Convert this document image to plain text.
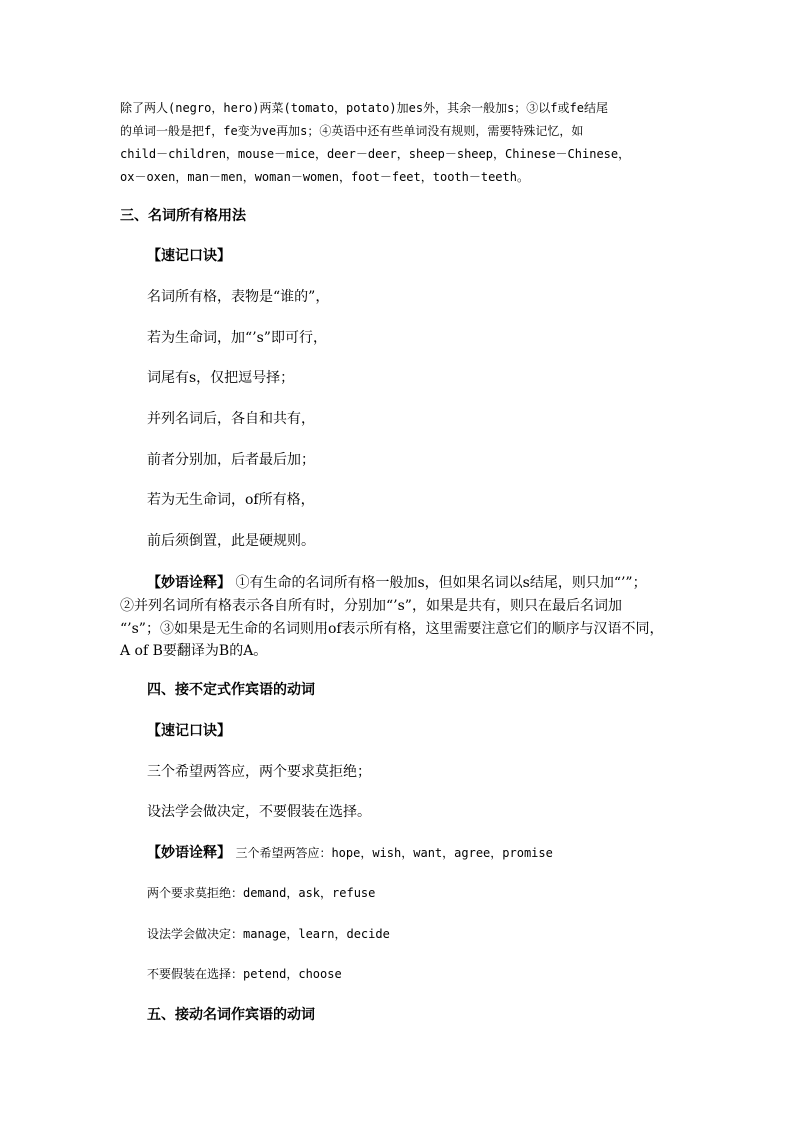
除了两人(negro，hero)两菜(tomato，potato)加es外，其余一般加s；③以f或fe结尾

的单词一般是把f，fe变为ve再加s；④英语中还有些单词没有规则，需要特殊记忆，如

child－children，mouse－mice，deer－deer，sheep－sheep，Chinese－Chinese，

ox－oxen，man－men，woman－women，foot－feet，tooth－teeth。

三、名词所有格用法

【速记口诀】

名词所有格，表物是“谁的”，

若为生命词，加“’s”即可行，

词尾有s，仅把逗号择；

并列名词后，各自和共有，

前者分别加，后者最后加；

若为无生命词，of所有格，

前后须倒置，此是硬规则。

【妙语诠释】 ①有生命的名词所有格一般加s，但如果名词以s结尾，则只加“’”；

②并列名词所有格表示各自所有时，分别加“’s”，如果是共有，则只在最后名词加

“’s”；③如果是无生命的名词则用of表示所有格，这里需要注意它们的顺序与汉语不同，

A of B要翻译为B的A。

四、接不定式作宾语的动词

【速记口诀】

三个希望两答应，两个要求莫拒绝；

设法学会做决定，不要假装在选择。

【妙语诠释】 三个希望两答应：hope，wish，want，agree，promise

两个要求莫拒绝：demand，ask，refuse

设法学会做决定：manage，learn，decide

不要假装在选择：petend，choose

五、接动名词作宾语的动词
